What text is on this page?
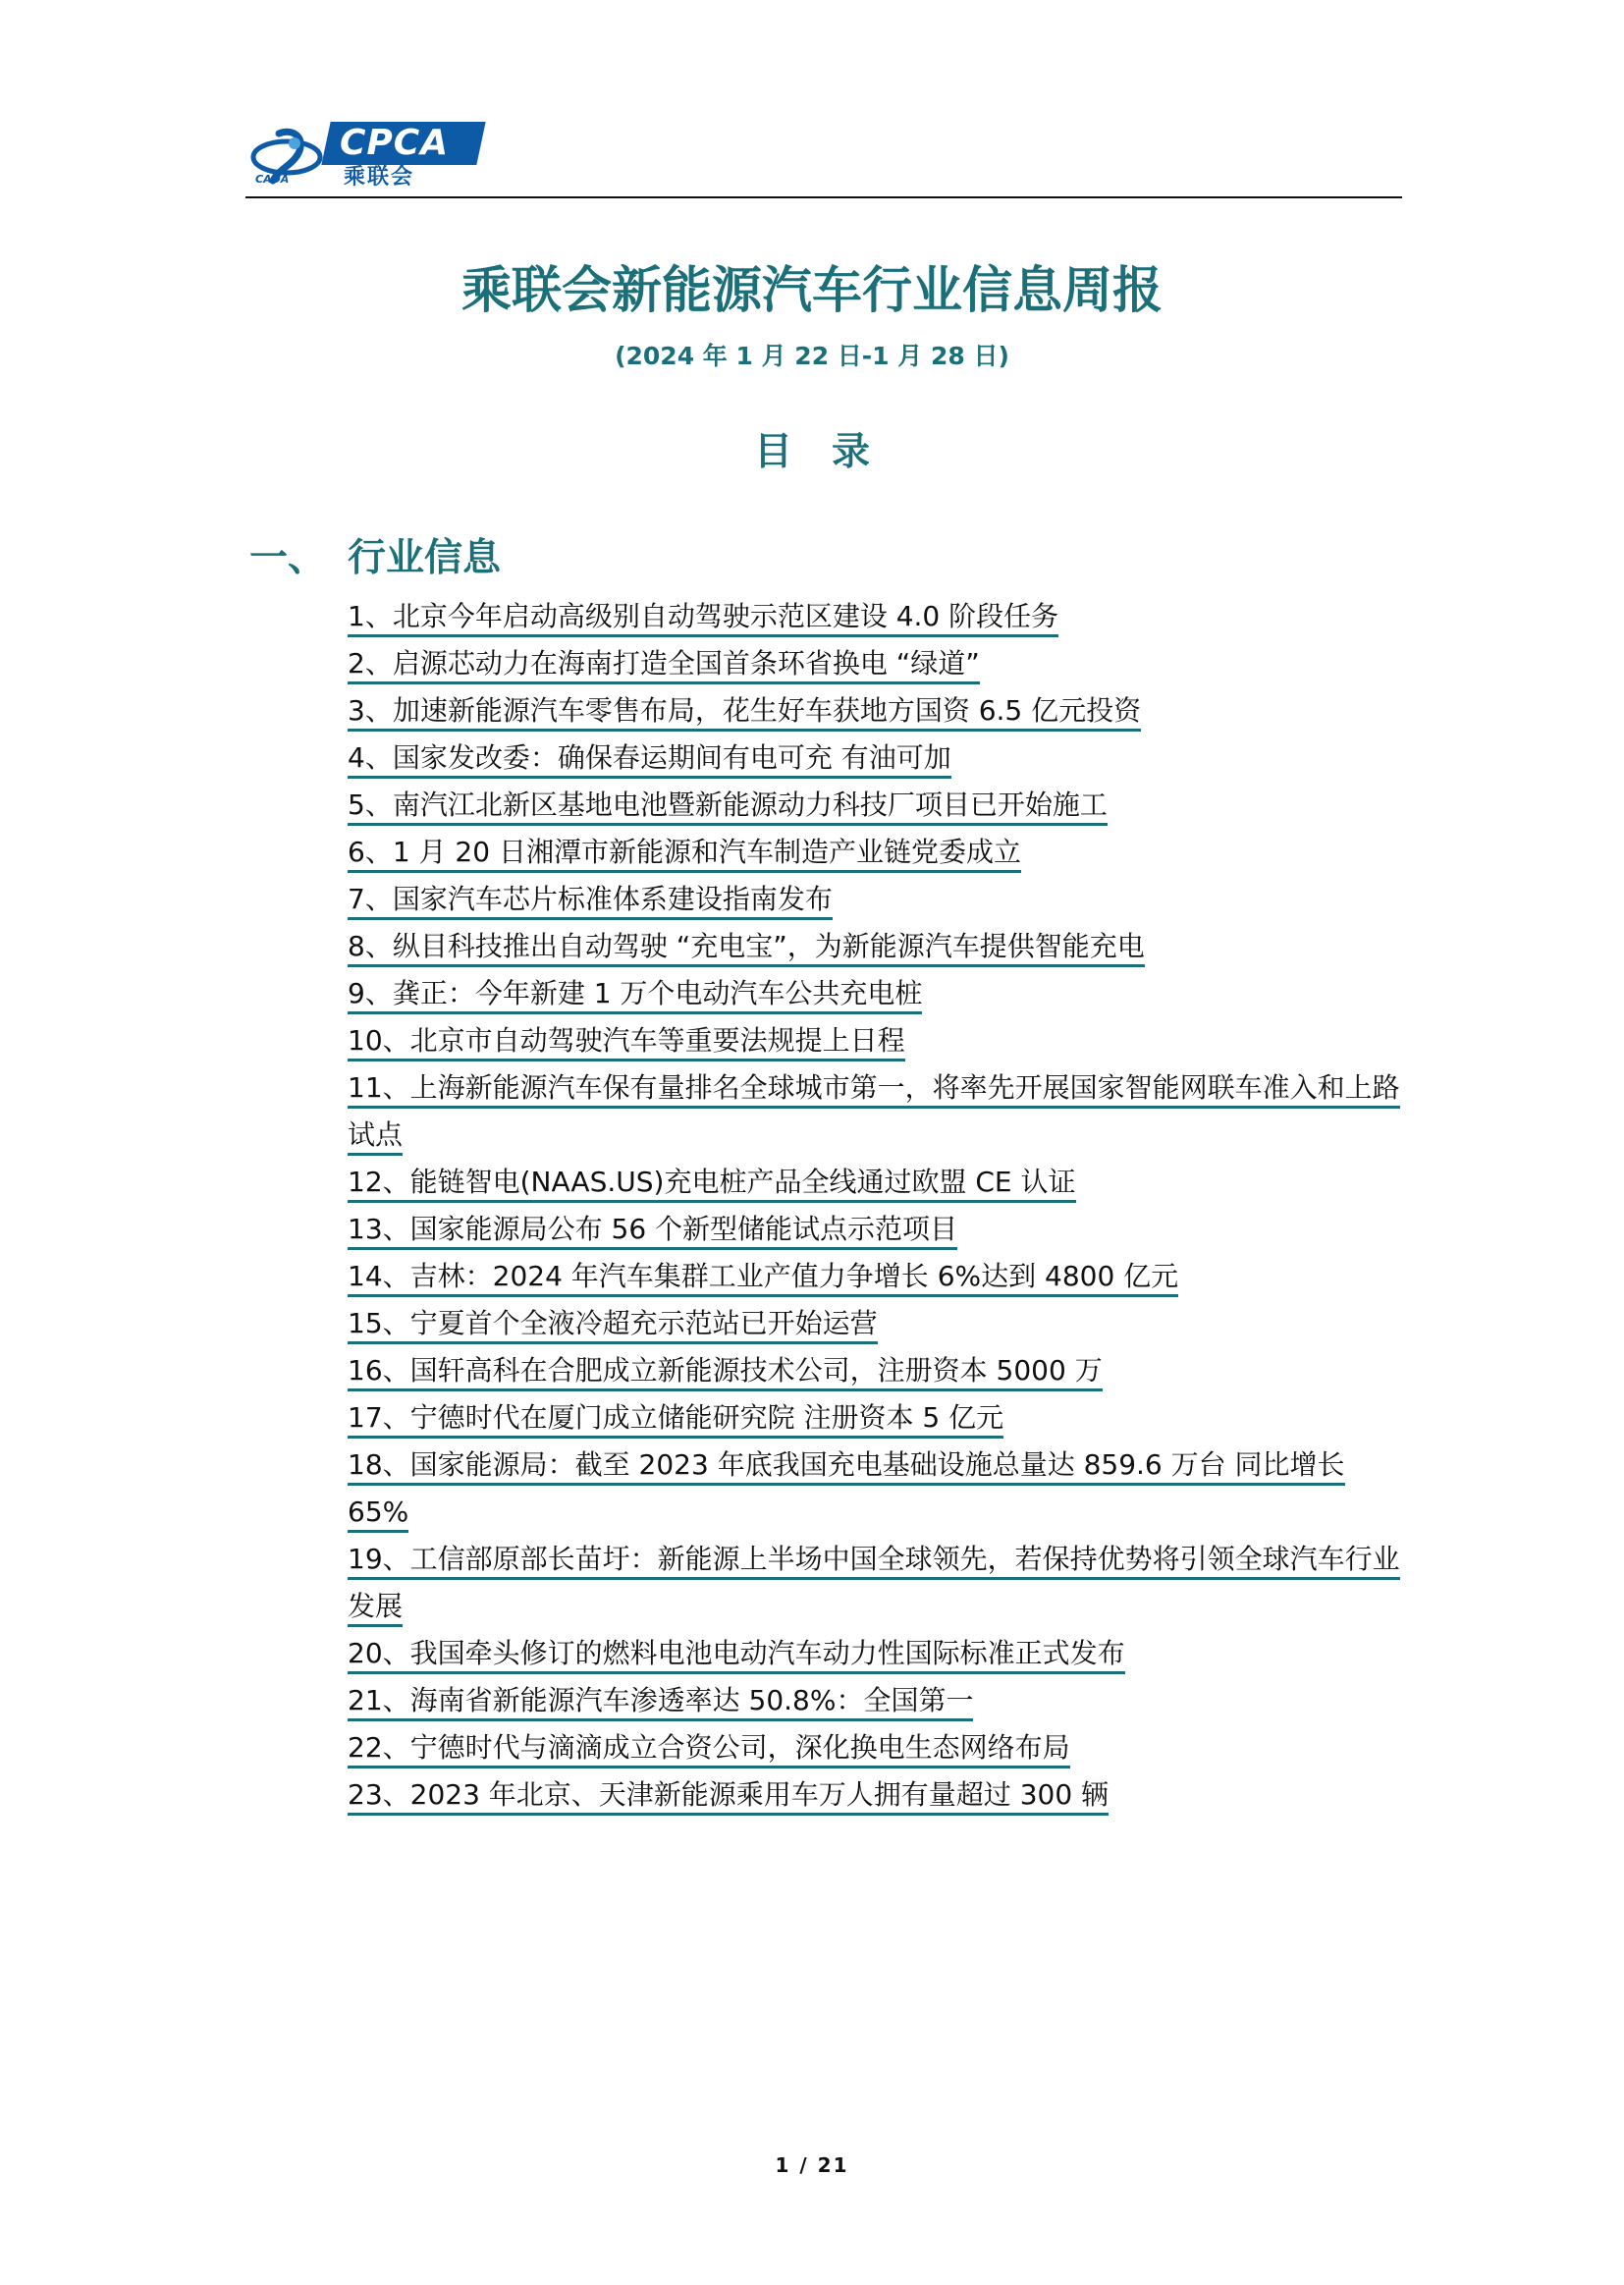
CPCA
乘联会
CADA
乘联会新能源汽车行业信息周报
(2024 年 1 月 22 日-1 月 28 日)
目录
一、 行业信息
1、北京今年启动高级别自动驾驶示范区建设 4.0 阶段任务
2、启源芯动力在海南打造全国首条环省换电 “绿道”
3、加速新能源汽车零售布局，花生好车获地方国资 6.5 亿元投资
4、国家发改委：确保春运期间有电可充 有油可加
5、南汽江北新区基地电池暨新能源动力科技厂项目已开始施工
6、1 月 20 日湘潭市新能源和汽车制造产业链党委成立
7、国家汽车芯片标准体系建设指南发布
8、纵目科技推出自动驾驶 “充电宝”，为新能源汽车提供智能充电
9、龚正：今年新建 1 万个电动汽车公共充电桩
10、北京市自动驾驶汽车等重要法规提上日程
11、上海新能源汽车保有量排名全球城市第一，将率先开展国家智能网联车准入和上路试点
12、能链智电(NAAS.US)充电桩产品全线通过欧盟 CE 认证
13、国家能源局公布 56 个新型储能试点示范项目
14、吉林：2024 年汽车集群工业产值力争增长 6%达到 4800 亿元
15、宁夏首个全液冷超充示范站已开始运营
16、国轩高科在合肥成立新能源技术公司，注册资本 5000 万
17、宁德时代在厦门成立储能研究院 注册资本 5 亿元
18、国家能源局：截至 2023 年底我国充电基础设施总量达 859.6 万台 同比增长 65%
19、工信部原部长苗圩：新能源上半场中国全球领先，若保持优势将引领全球汽车行业发展
20、我国牵头修订的燃料电池电动汽车动力性国际标准正式发布
21、海南省新能源汽车渗透率达 50.8%：全国第一
22、宁德时代与滴滴成立合资公司，深化换电生态网络布局
23、2023 年北京、天津新能源乘用车万人拥有量超过 300 辆
1 / 21
